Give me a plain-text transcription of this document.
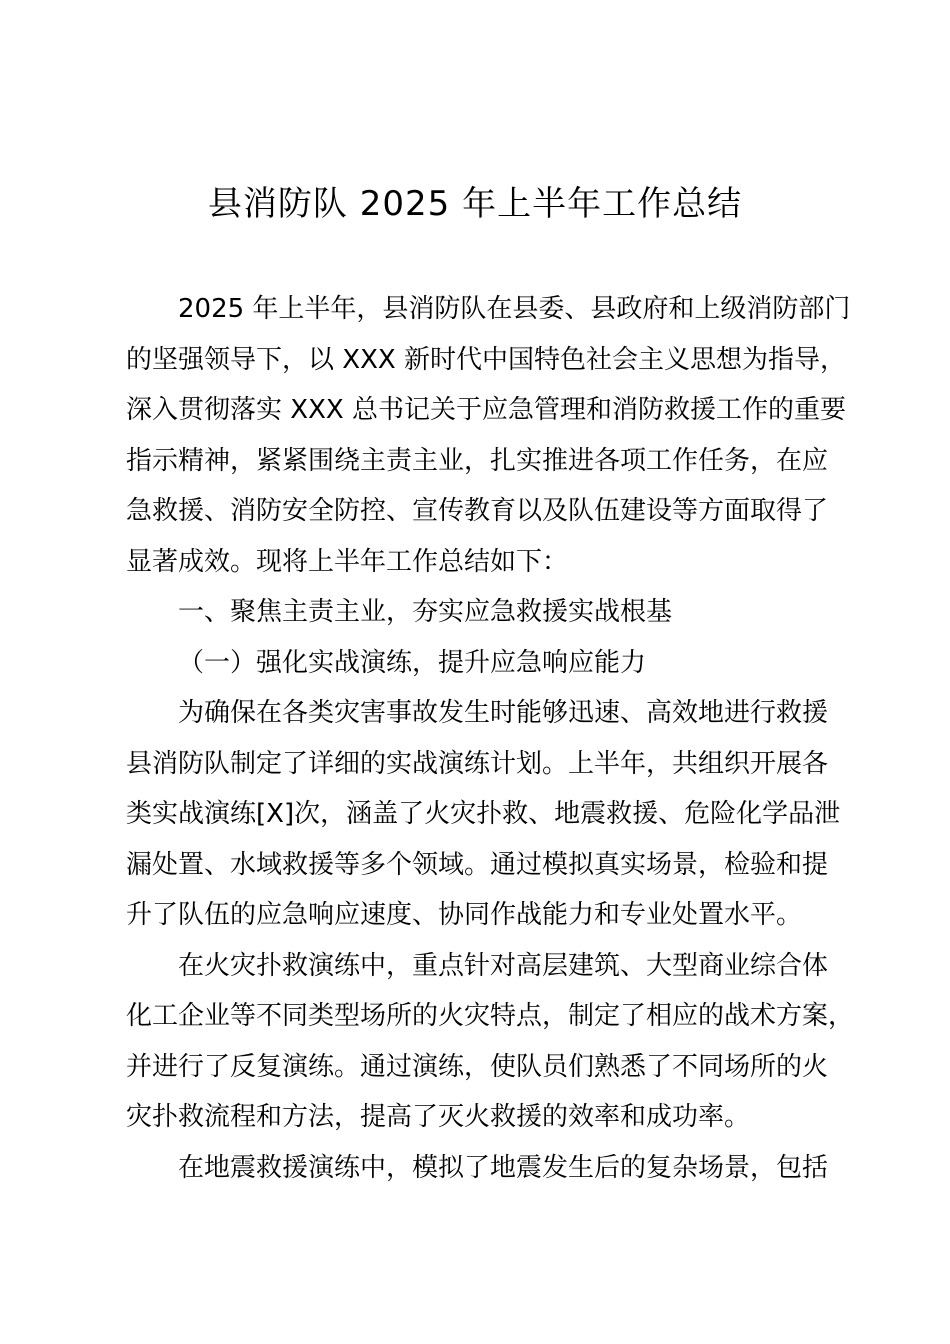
县消防队 2025 年上半年工作总结

2025 年上半年，县消防队在县委、县政府和上级消防部门
的坚强领导下，以 XXX 新时代中国特色社会主义思想为指导，
深入贯彻落实 XXX 总书记关于应急管理和消防救援工作的重要
指示精神，紧紧围绕主责主业，扎实推进各项工作任务，在应
急救援、消防安全防控、宣传教育以及队伍建设等方面取得了
显著成效。现将上半年工作总结如下：

一、聚焦主责主业，夯实应急救援实战根基

（一）强化实战演练，提升应急响应能力

为确保在各类灾害事故发生时能够迅速、高效地进行救援
县消防队制定了详细的实战演练计划。上半年，共组织开展各
类实战演练[X]次，涵盖了火灾扑救、地震救援、危险化学品泄
漏处置、水域救援等多个领域。通过模拟真实场景，检验和提
升了队伍的应急响应速度、协同作战能力和专业处置水平。

在火灾扑救演练中，重点针对高层建筑、大型商业综合体
化工企业等不同类型场所的火灾特点，制定了相应的战术方案，
并进行了反复演练。通过演练，使队员们熟悉了不同场所的火
灾扑救流程和方法，提高了灭火救援的效率和成功率。

在地震救援演练中，模拟了地震发生后的复杂场景，包括
